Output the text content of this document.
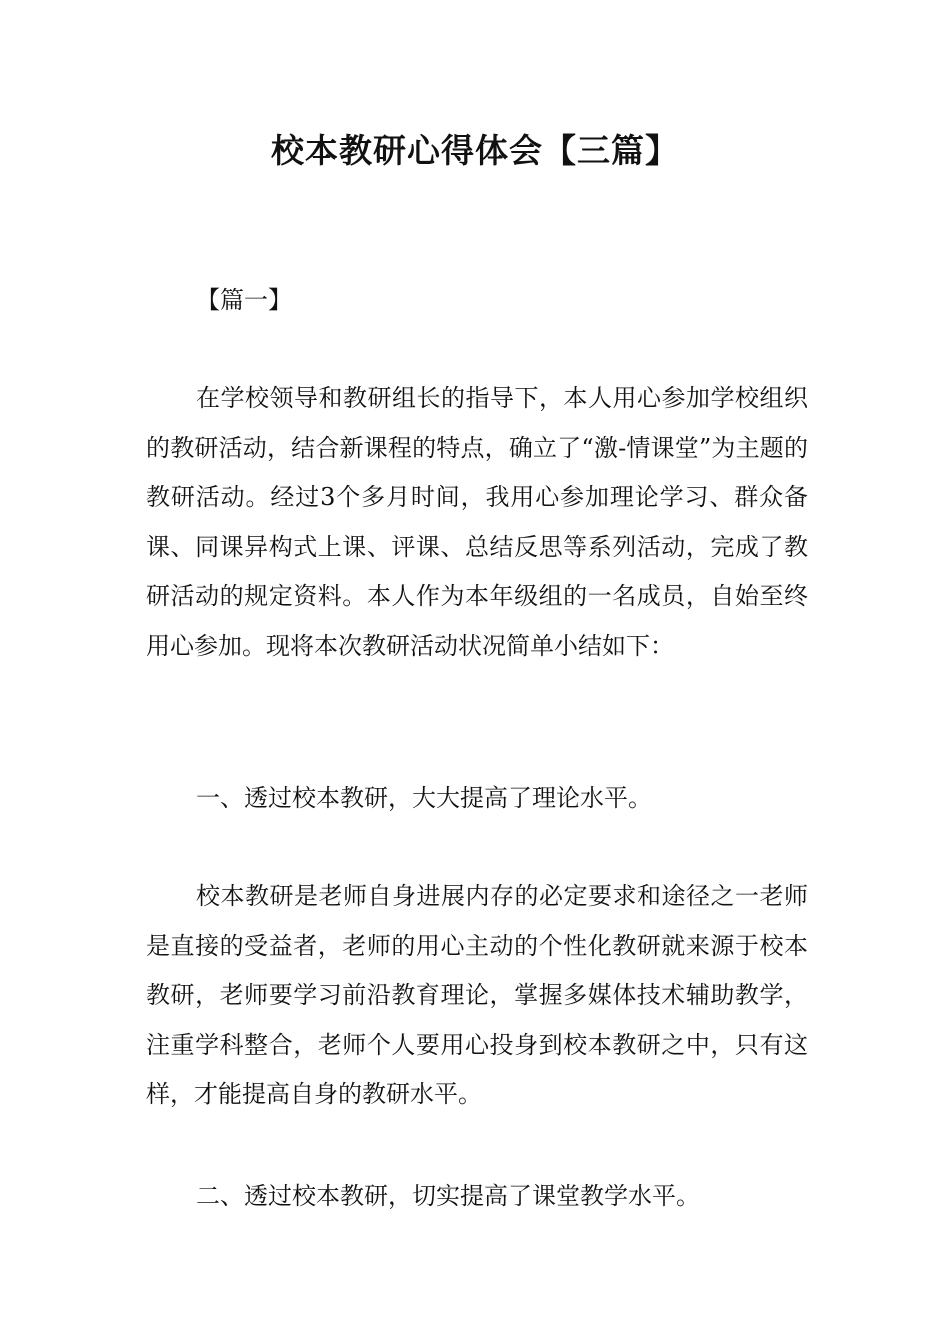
校本教研心得体会【三篇】

【篇一】

在学校领导和教研组长的指导下，本人用心参加学校组织的教研活动，结合新课程的特点，确立了“激-情课堂”为主题的教研活动。经过3个多月时间，我用心参加理论学习、群众备课、同课异构式上课、评课、总结反思等系列活动，完成了教研活动的规定资料。本人作为本年级组的一名成员，自始至终用心参加。现将本次教研活动状况简单小结如下：

一、透过校本教研，大大提高了理论水平。

校本教研是老师自身进展内存的必定要求和途径之一老师是直接的受益者，老师的用心主动的个性化教研就来源于校本教研，老师要学习前沿教育理论，掌握多媒体技术辅助教学，注重学科整合，老师个人要用心投身到校本教研之中，只有这样，才能提高自身的教研水平。

二、透过校本教研，切实提高了课堂教学水平。
